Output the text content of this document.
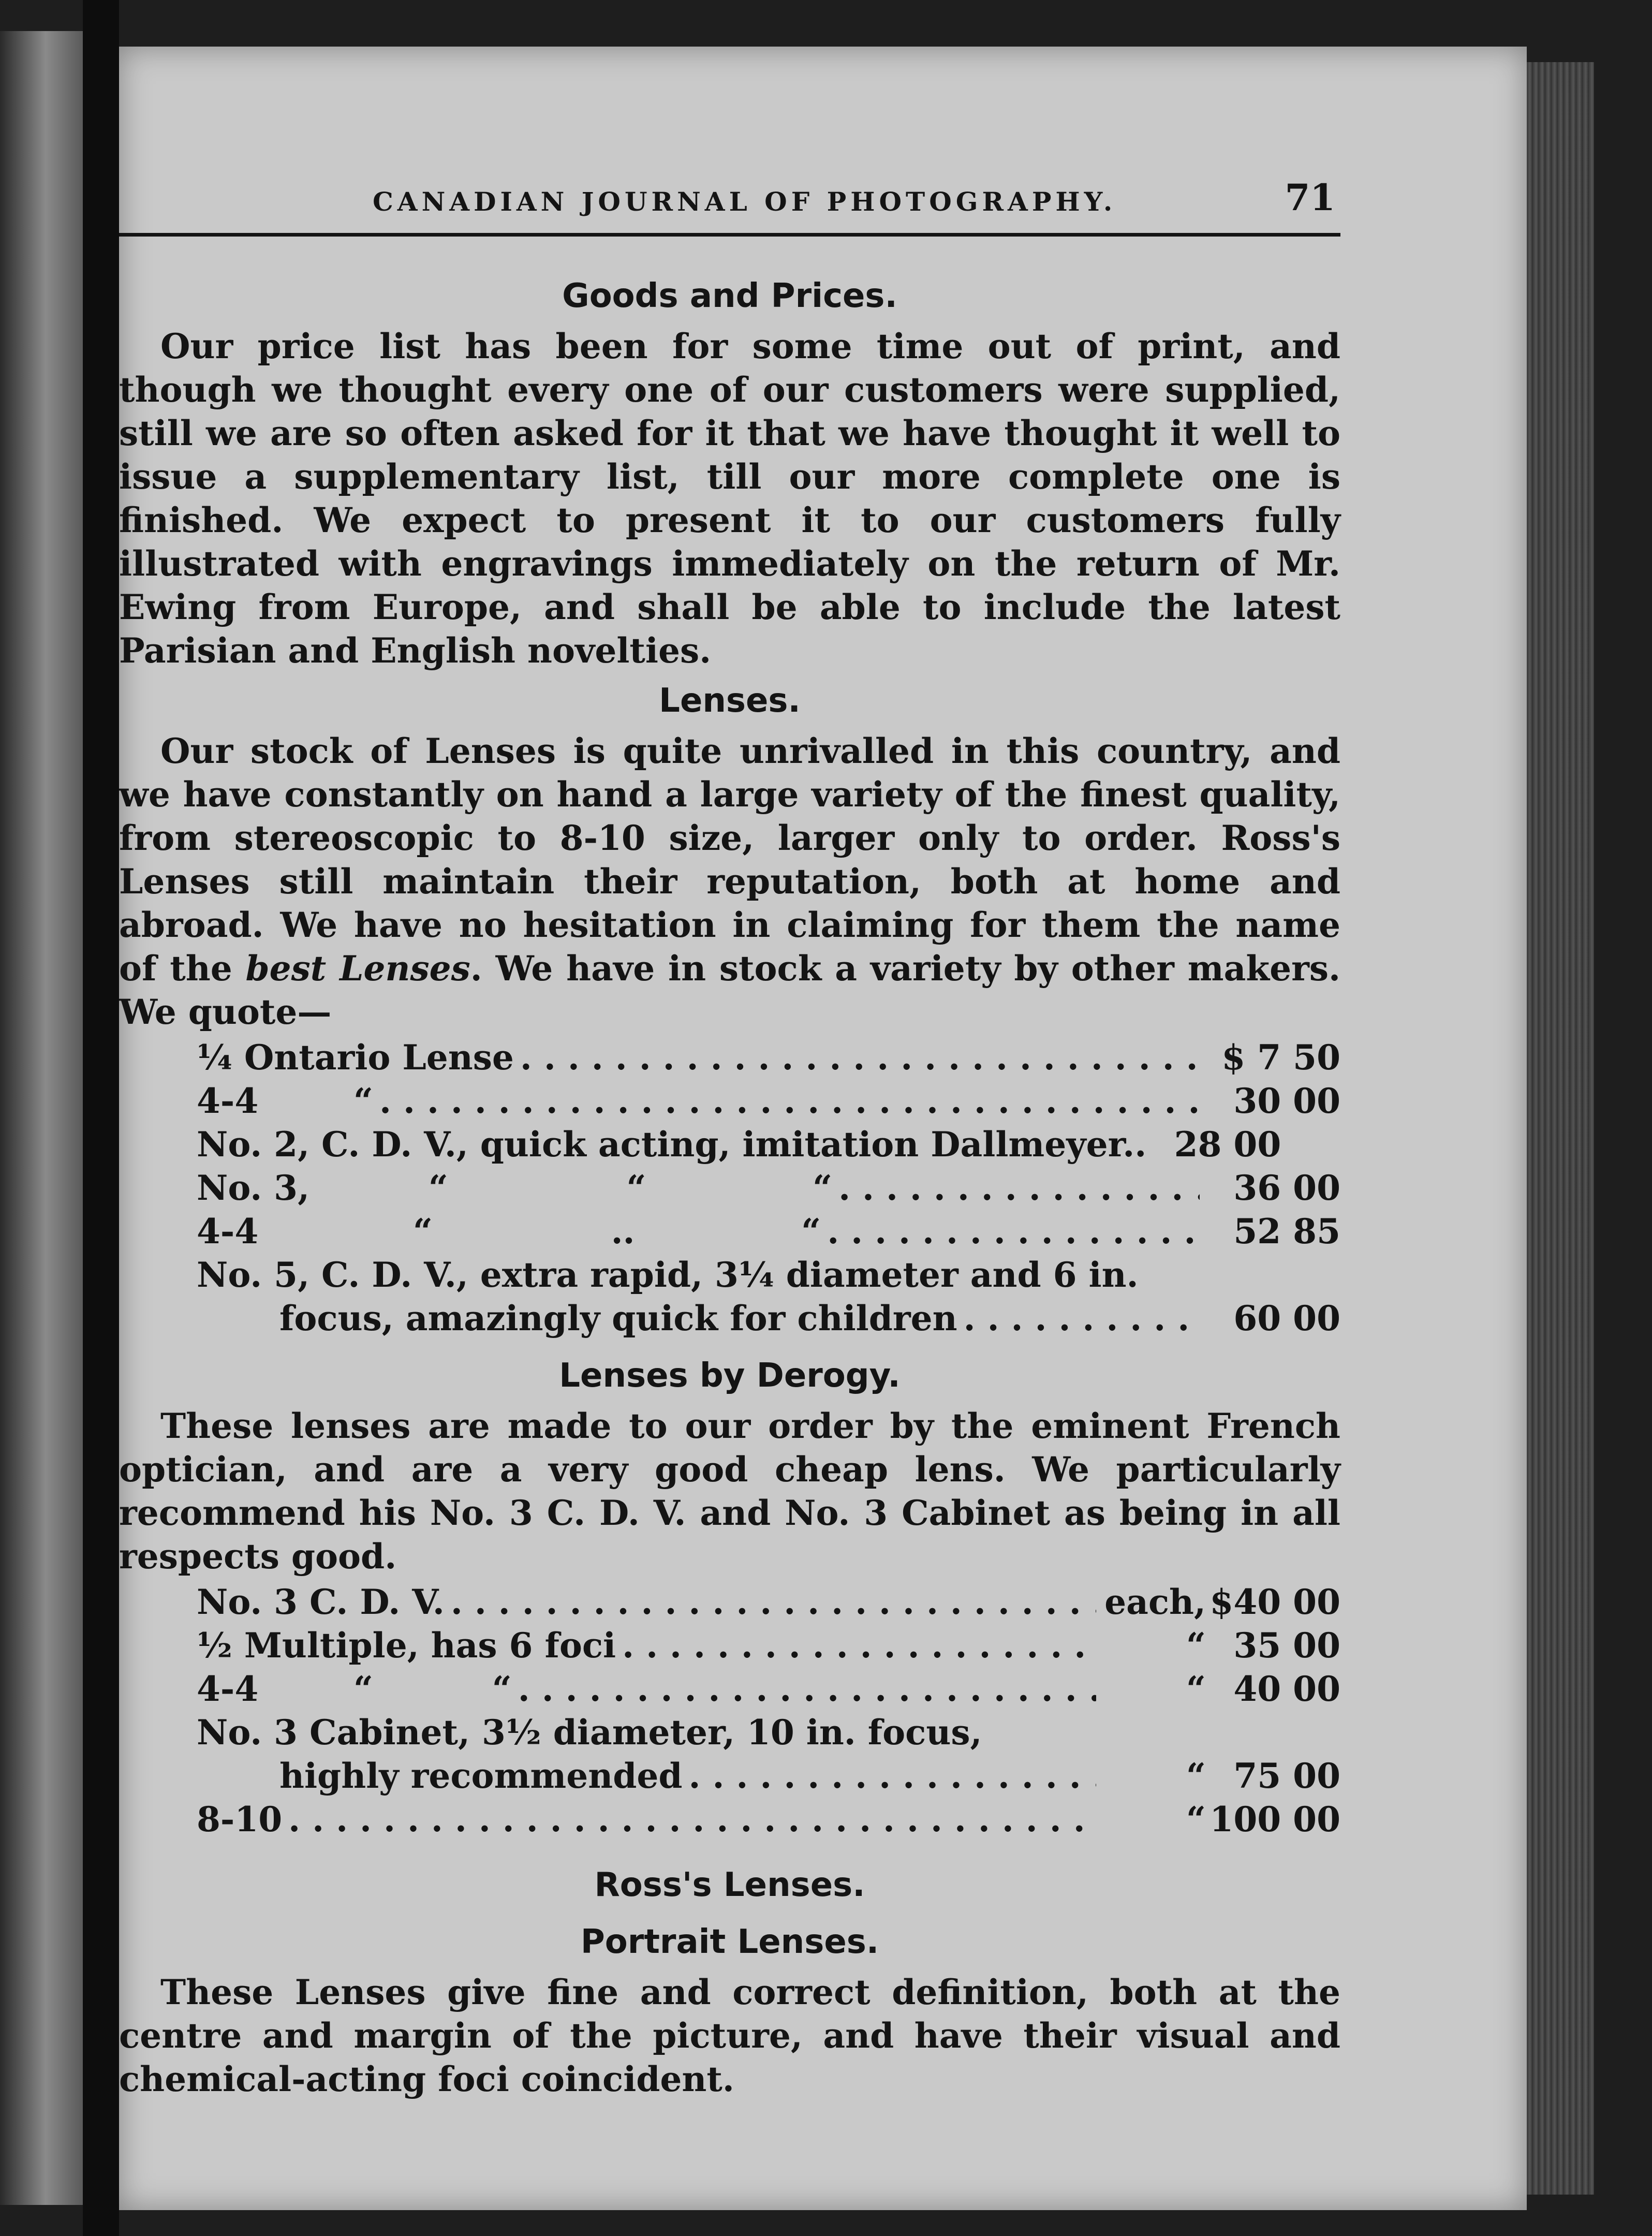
CANADIAN JOURNAL OF PHOTOGRAPHY.	71
Goods and Prices.

Our price list has been for some time out of print, and though we thought every one of our customers were supplied, still we are so often asked for it that we have thought it well to issue a supplementary list, till our more complete one is finished. We expect to present it to our customers fully illustrated with engravings immediately on the return of Mr. Ewing from Europe, and shall be able to include the latest Parisian and English novelties.

Lenses.

Our stock of Lenses is quite unrivalled in this country, and we have constantly on hand a large variety of the finest quality, from stereoscopic to 8-10 size, larger only to order. Ross's Lenses still maintain their reputation, both at home and abroad. We have no hesitation in claiming for them the name of the best Lenses. We have in stock a variety by other makers. We quote—

¼ Ontario Lense . . .	$ 7 50
4-4        “ . . .	30 00
No. 2, C. D. V., quick acting, imitation Dallmeyer.. 28 00
No. 3,          “               “              “ . . .	36 00
4-4             “               ..              “ . . .	52 85
No. 5, C. D. V., extra rapid, 3¼ diameter and 6 in.
focus, amazingly quick for children . . .	60 00
Lenses by Derogy.

These lenses are made to our order by the eminent French optician, and are a very good cheap lens. We particularly recommend his No. 3 C. D. V. and No. 3 Cabinet as being in all respects good.

No. 3 C. D. V. . . .	each, $40 00
½ Multiple, has 6 foci . . .	“ 35 00
4-4        “          “ . . .	“ 40 00
No. 3 Cabinet, 3½ diameter, 10 in. focus,
highly recommended . . .	“ 75 00
8-10 . . .	“ 100 00
Ross's Lenses.
Portrait Lenses.

These Lenses give fine and correct definition, both at the centre and margin of the picture, and have their visual and chemical-acting foci coincident.
